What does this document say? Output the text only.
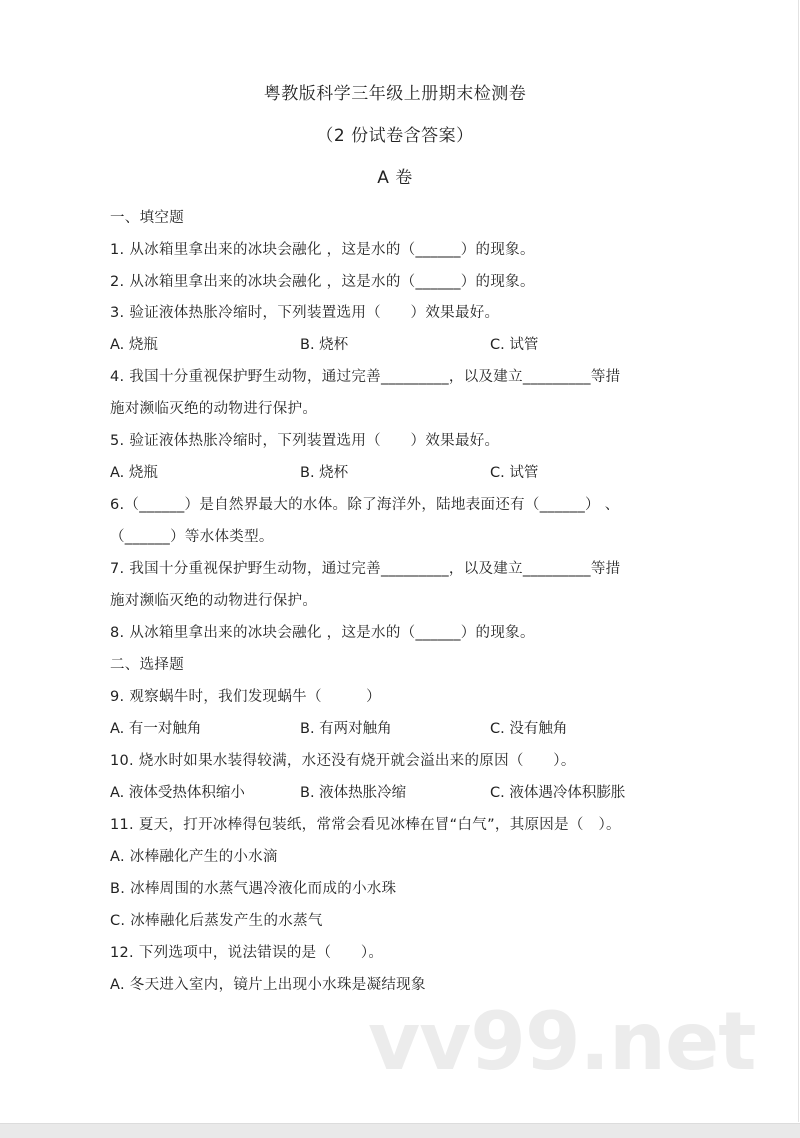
粤教版科学三年级上册期末检测卷
（2 份试卷含答案）
A 卷
一、填空题
1. 从冰箱里拿出来的冰块会融化 ，这是水的（______）的现象。
2. 从冰箱里拿出来的冰块会融化 ，这是水的（______）的现象。
3. 验证液体热胀冷缩时，下列装置选用（　　）效果最好。
A. 烧瓶	B. 烧杯	C. 试管
4. 我国十分重视保护野生动物，通过完善_________，以及建立_________等措
施对濒临灭绝的动物进行保护。
5. 验证液体热胀冷缩时，下列装置选用（　　）效果最好。
A. 烧瓶	B. 烧杯	C. 试管
6.（______）是自然界最大的水体。除了海洋外，陆地表面还有（______） 、
（______）等水体类型。
7. 我国十分重视保护野生动物，通过完善_________，以及建立_________等措
施对濒临灭绝的动物进行保护。
8. 从冰箱里拿出来的冰块会融化 ，这是水的（______）的现象。
二、选择题
9. 观察蜗牛时，我们发现蜗牛（　　　）
A. 有一对触角	B. 有两对触角	C. 没有触角
10. 烧水时如果水装得较满，水还没有烧开就会溢出来的原因（　　）。
A. 液体受热体积缩小	B. 液体热胀冷缩	C. 液体遇冷体积膨胀
11. 夏天，打开冰棒得包装纸，常常会看见冰棒在冒“白气”，其原因是（　）。
A. 冰棒融化产生的小水滴
B. 冰棒周围的水蒸气遇冷液化而成的小水珠
C. 冰棒融化后蒸发产生的水蒸气
12. 下列选项中，说法错误的是（　　）。
A. 冬天进入室内，镜片上出现小水珠是凝结现象
vv99.net
